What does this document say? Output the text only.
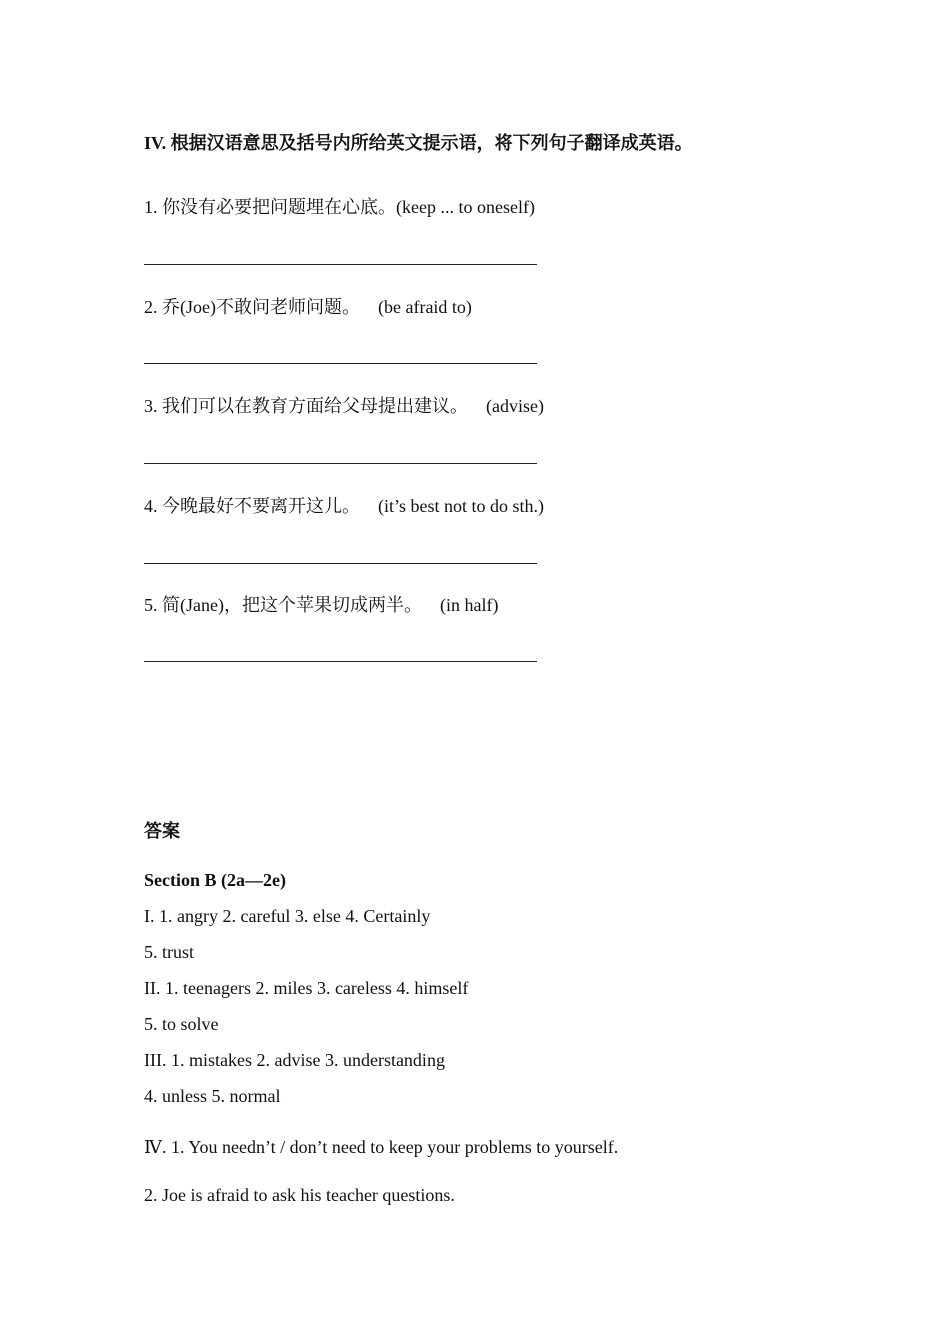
IV. 根据汉语意思及括号内所给英文提示语，将下列句子翻译成英语。
1. 你没有必要把问题埋在心底。(keep ... to oneself)
2. 乔(Joe)不敢问老师问题。 (be afraid to)
3. 我们可以在教育方面给父母提出建议。 (advise)
4. 今晚最好不要离开这儿。 (it’s best not to do sth.)
5. 简(Jane)，把这个苹果切成两半。 (in half)
答案
Section B (2a—2e)
I. 1. angry 2. careful 3. else 4. Certainly
5. trust
II. 1. teenagers 2. miles 3. careless 4. himself
5. to solve
III. 1. mistakes 2. advise 3. understanding
4. unless 5. normal
Ⅳ. 1. You needn’t / don’t need to keep your problems to yourself.
2. Joe is afraid to ask his teacher questions.
